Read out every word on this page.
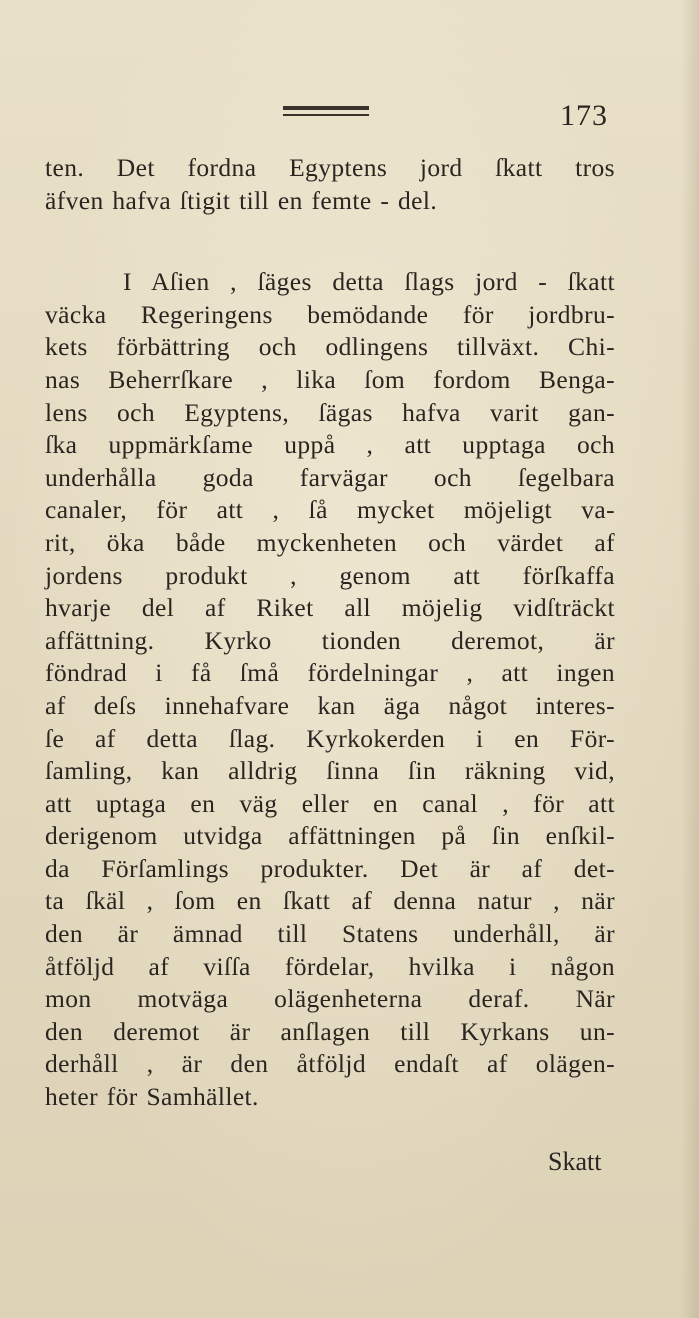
173
ten. Det fordna Egyptens jord ſkatt tros
äfven hafva ſtigit till en femte - del.
I Aſien , ſäges detta ſlags jord - ſkatt
väcka Regeringens bemödande för jordbru-
kets förbättring och odlingens tillväxt. Chi-
nas Beherrſkare , lika ſom fordom Benga-
lens och Egyptens, ſägas hafva varit gan-
ſka uppmärkſame uppå , att upptaga och
underhålla goda farvägar och ſegelbara
canaler, för att , ſå mycket möjeligt va-
rit, öka både myckenheten och värdet af
jordens produkt , genom att förſkaffa
hvarje del af Riket all möjelig vidſträckt
affättning. Kyrko tionden deremot, är
föndrad i få ſmå fördelningar , att ingen
af deſs innehafvare kan äga något interes-
ſe af detta ſlag. Kyrkokerden i en För-
ſamling, kan alldrig ſinna ſin räkning vid,
att uptaga en väg eller en canal , för att
derigenom utvidga affättningen på ſin enſkil-
da Förſamlings produkter. Det är af det-
ta ſkäl , ſom en ſkatt af denna natur , när
den är ämnad till Statens underhåll, är
åtföljd af viſſa fördelar, hvilka i någon
mon motväga olägenheterna deraf. När
den deremot är anſlagen till Kyrkans un-
derhåll , är den åtföljd endaſt af olägen-
heter för Samhället.
Skatt
